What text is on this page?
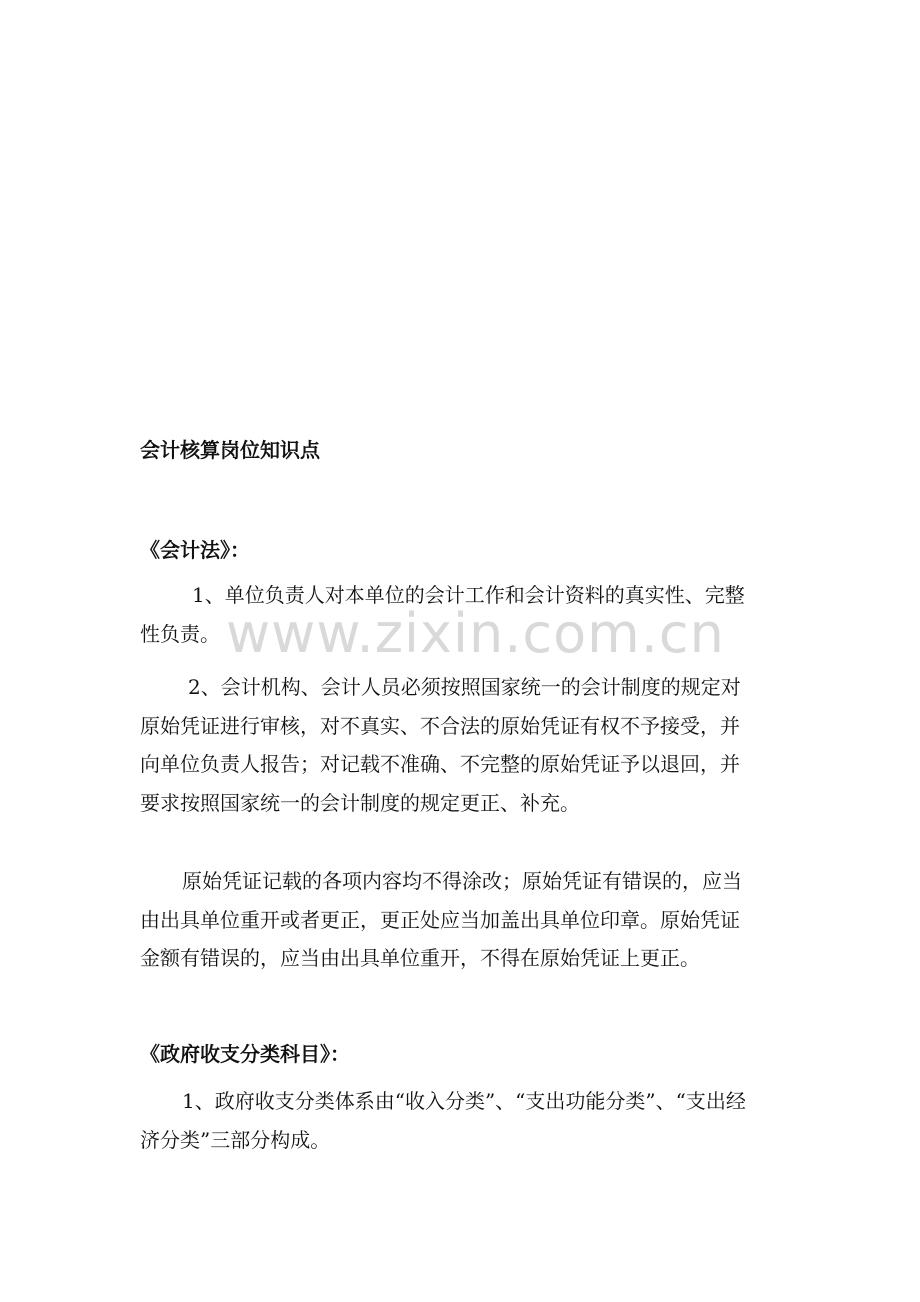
www.zixin.com.cn
会计核算岗位知识点
《会计法》：

1、单位负责人对本单位的会计工作和会计资料的真实性、完整
性负责。

2、会计机构、会计人员必须按照国家统一的会计制度的规定对
原始凭证进行审核，对不真实、不合法的原始凭证有权不予接受，并
向单位负责人报告；对记载不准确、不完整的原始凭证予以退回，并
要求按照国家统一的会计制度的规定更正、补充。

原始凭证记载的各项内容均不得涂改；原始凭证有错误的，应当
由出具单位重开或者更正，更正处应当加盖出具单位印章。原始凭证
金额有错误的，应当由出具单位重开，不得在原始凭证上更正。

《政府收支分类科目》：

1、政府收支分类体系由“收入分类”、“支出功能分类”、“支出经
济分类”三部分构成。
